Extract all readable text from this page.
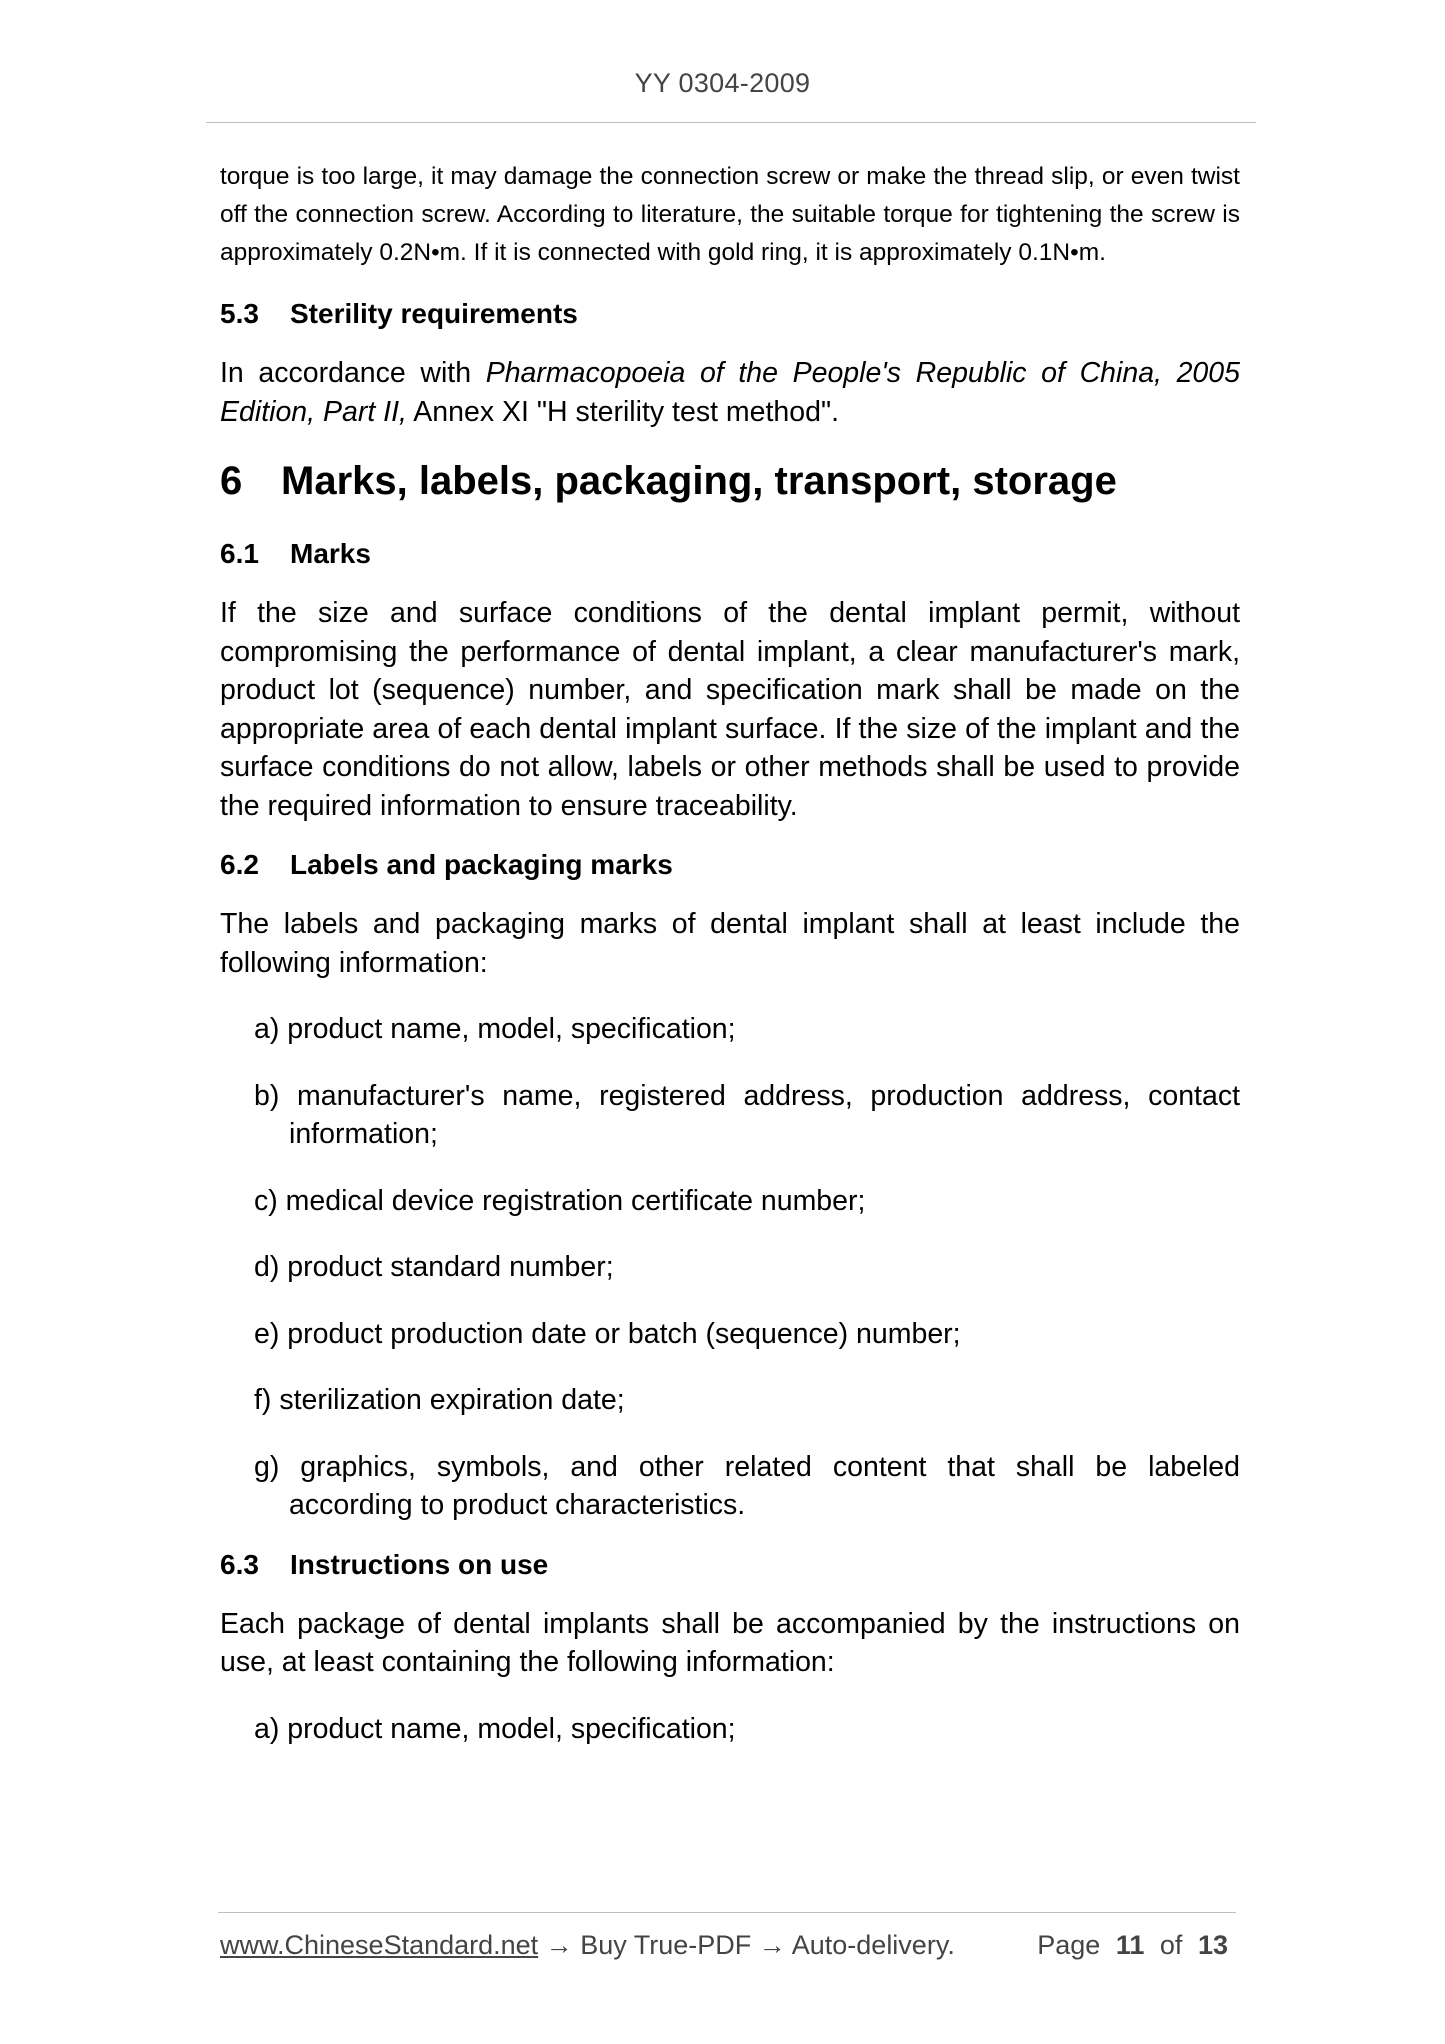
YY 0304-2009

torque is too large, it may damage the connection screw or make the thread slip, or even twist off the connection screw. According to literature, the suitable torque for tightening the screw is approximately 0.2N•m. If it is connected with gold ring, it is approximately 0.1N•m.

5.3	Sterility requirements

In accordance with Pharmacopoeia of the People's Republic of China, 2005 Edition, Part II, Annex XI "H sterility test method".

6 Marks, labels, packaging, transport, storage
6.1	Marks

If the size and surface conditions of the dental implant permit, without compromising the performance of dental implant, a clear manufacturer's mark, product lot (sequence) number, and specification mark shall be made on the appropriate area of each dental implant surface. If the size of the implant and the surface conditions do not allow, labels or other methods shall be used to provide the required information to ensure traceability.

6.2	Labels and packaging marks

The labels and packaging marks of dental implant shall at least include the following information:

a) product name, model, specification;

b) manufacturer's name, registered address, production address, contact information;

c) medical device registration certificate number;

d) product standard number;

e) product production date or batch (sequence) number;

f) sterilization expiration date;

g) graphics, symbols, and other related content that shall be labeled according to product characteristics.

6.3	Instructions on use

Each package of dental implants shall be accompanied by the instructions on use, at least containing the following information:

a) product name, model, specification;

www.ChineseStandard.net → Buy True-PDF → Auto-delivery.	Page 11 of 13
